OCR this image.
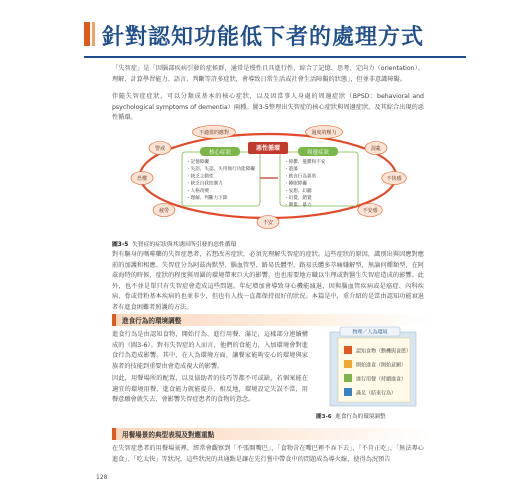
針對認知功能低下者的處理方式
「失智症」是「因腦部疾病引發的症候群，通常是慢性且具進行性，綜合了記憶、思考、定向力（orientation）、理解、計算學習能力、語言、判斷等許多症狀，會導致日常生活或社會生活障礙的狀態」，但並非意識障礙。
伴隨失智症症狀，可以分類成基本的核心症狀，以及因當事人身處的周邊症狀（BPSD：behavioral and psychological symptoms of dementia）兩種。圖3-5整理出失智症的核心症狀與周邊症狀，及其綜合出現的惡性循環。
不適當的應對	過度的壓力
混亂
不快感
不安感
不安
疲勞
恐懼
警戒
核心症狀	周邊症狀
惡性循環
・記憶障礙
・失語、失認、失用執行功能障礙
・缺乏主動性
・缺乏自我控制力
・人格改變
・理解、判斷力下降
・抑鬱、憂鬱和不安
・遊蕩
・飲食行為異常
・睡眠障礙
・妄想、幻聽
・幻覺、錯覺
・興奮、暴力
圖3-5 失智症的症狀與其誘因所引發的惡性循環
對有驅身的嗎啡藥的失智症患者，若想改善症狀，必須充理解失智症的症狀。這些症狀的原因，識別出與因應對應前的加護和相應。失智症分為阿茲海默型、腦血管型、路易氏體型、路易氏體多萃痛嫌解型，無論何種類型，在阿茲海特的時候，症狀的程度與周圍的環境帶來巨大的影響，也也需要地方職以生理或對醫生失智症造成的影響。此外，也不並是單只有失智症會造成這些問題。年紀增加會導致身心機能減退，因與腦血管疾病或是癌症、內科疾病、骨或骨粉基本疾病的也並非少，但也有人找一直都保持很好的狀況。本篇是中，重介紹的是當由認知功能衰退者有進食困難者照護的方法。
進食行為的環境調整
進食行為是由認知食物，開始行為、進行用餐、滿足，這樣部分連續構成的（圖3-6）。對有失智症的人而言，他們的食能力，入加環境會對進食行為造成影響。其中，在人為環境方面，讓餐家能夠安心的環境與家族者的技能到重要由會造成視大的影響。
因此，用餐場所的配置，以及協助者的技巧等都不可或缺，若個案能在適宜的環境用餐，進食能力就能提升，相反地，環境設定失誤不當，用餐意願會就失去，會影響失智症患者的食物的意念。
物理／人為環境
認知食物（動機與食慾）
開始進食（開始意願）
進行用餐（持續進食）
滿足（結束行為）
圖3-6 進食行為的環境調整
用餐場景的典型表現及對應重點
在失智症患者的用餐場景裡，經常會觀察到「不張開嘴巴」、「食物含在嘴巴裡不吞下去」、「不肯正吃」、「無法專心進食」、「吃太快」等狀況，這些狀況的共通點是讓在先行嘗中帶食中的問題成為導火線，使得為況預告
128
